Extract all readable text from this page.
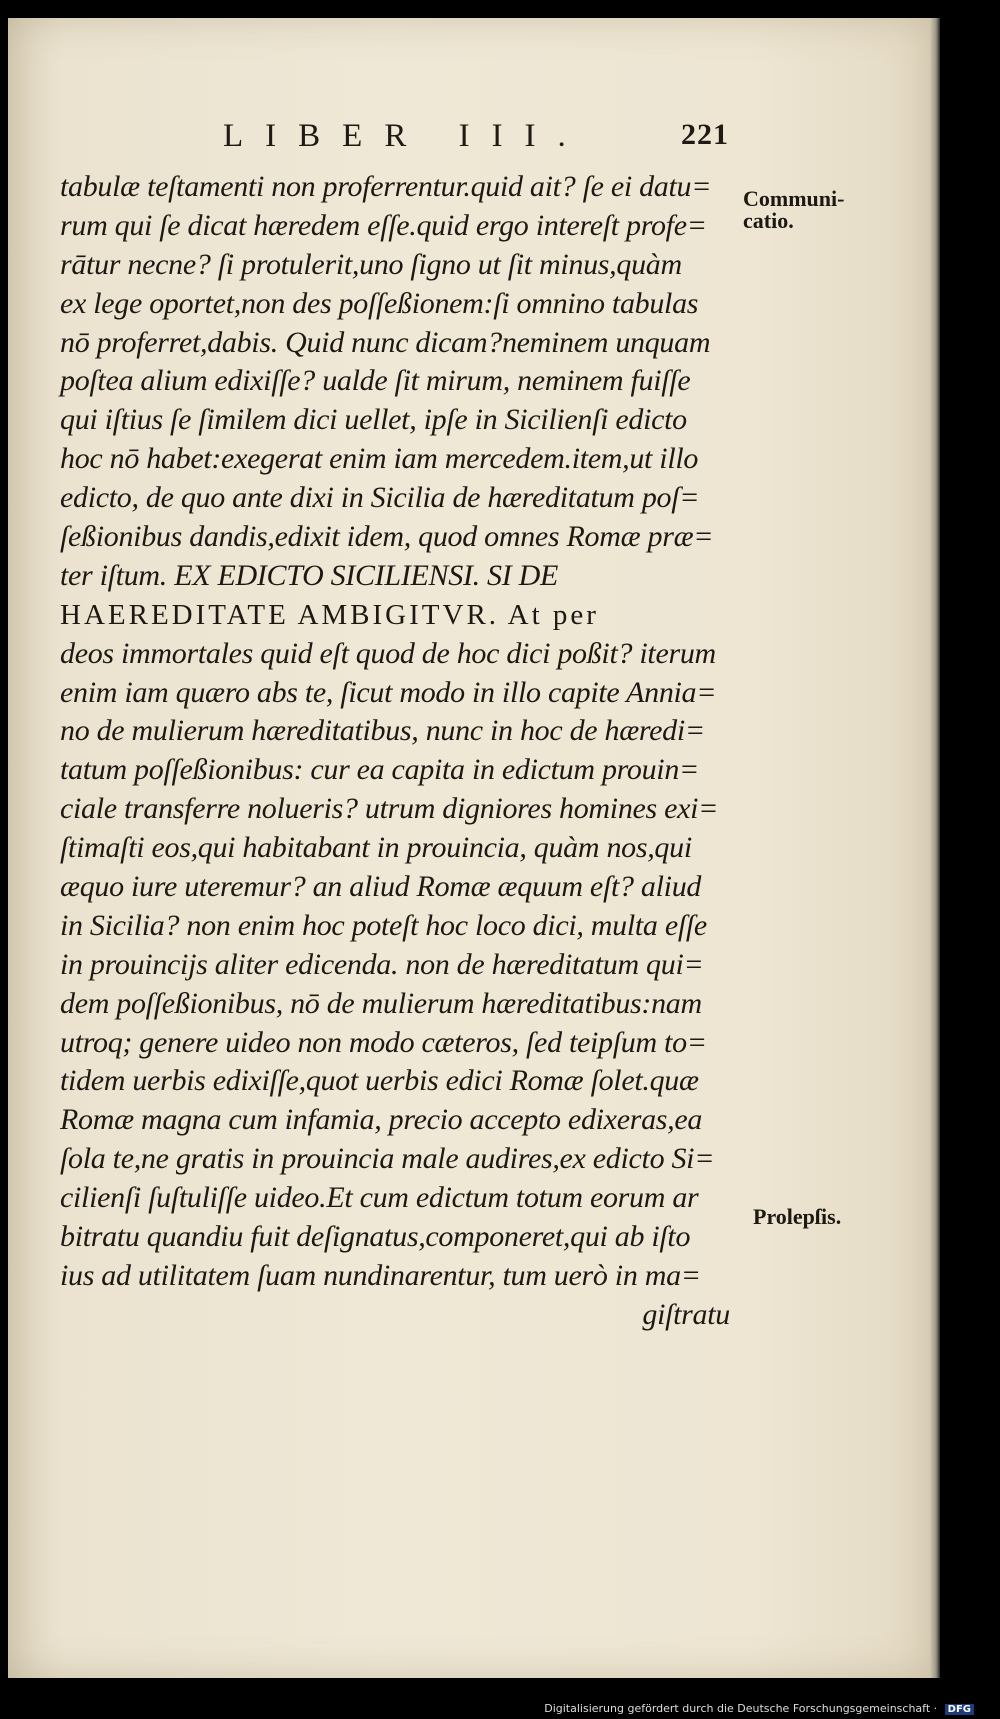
LIBER III.	221
tabulæ teſtamenti non proferrentur.quid ait? ſe ei datu=
rum qui ſe dicat hæredem eſſe.quid ergo intereſt profe=
rātur necne? ſi protulerit,uno ſigno ut ſit minus,quàm
ex lege oportet,non des poſſeßionem:ſi omnino tabulas
nō proferret,dabis. Quid nunc dicam?neminem unquam
poſtea alium edixiſſe? ualde ſit mirum, neminem fuiſſe
qui iſtius ſe ſimilem dici uellet, ipſe in Sicilienſi edicto
hoc nō habet:exegerat enim iam mercedem.item,ut illo
edicto, de quo ante dixi in Sicilia de hæreditatum poſ=
ſeßionibus dandis,edixit idem, quod omnes Romæ præ=
ter iſtum. EX EDICTO SICILIENSI. SI DE
HAEREDITATE AMBIGITVR. At per
deos immortales quid eſt quod de hoc dici poßit? iterum
enim iam quæro abs te, ſicut modo in illo capite Annia=
no de mulierum hæreditatibus, nunc in hoc de hæredi=
tatum poſſeßionibus: cur ea capita in edictum prouin=
ciale transferre nolueris? utrum digniores homines exi=
ſtimaſti eos,qui habitabant in prouincia, quàm nos,qui
æquo iure uteremur? an aliud Romæ æquum eſt? aliud
in Sicilia? non enim hoc poteſt hoc loco dici, multa eſſe
in prouincijs aliter edicenda. non de hæreditatum qui=
dem poſſeßionibus, nō de mulierum hæreditatibus:nam
utroq; genere uideo non modo cæteros, ſed teipſum to=
tidem uerbis edixiſſe,quot uerbis edici Romæ ſolet.quæ
Romæ magna cum infamia, precio accepto edixeras,ea
ſola te,ne gratis in prouincia male audires,ex edicto Si=
cilienſi ſuſtuliſſe uideo.Et cum edictum totum eorum ar
bitratu quandiu fuit deſignatus,componeret,qui ab iſto
ius ad utilitatem ſuam nundinarentur, tum uerò in ma=
giſtratu
Communi-
catio.
Prolepſis.
Digitalisierung gefördert durch die Deutsche Forschungsgemeinschaft · DFG
